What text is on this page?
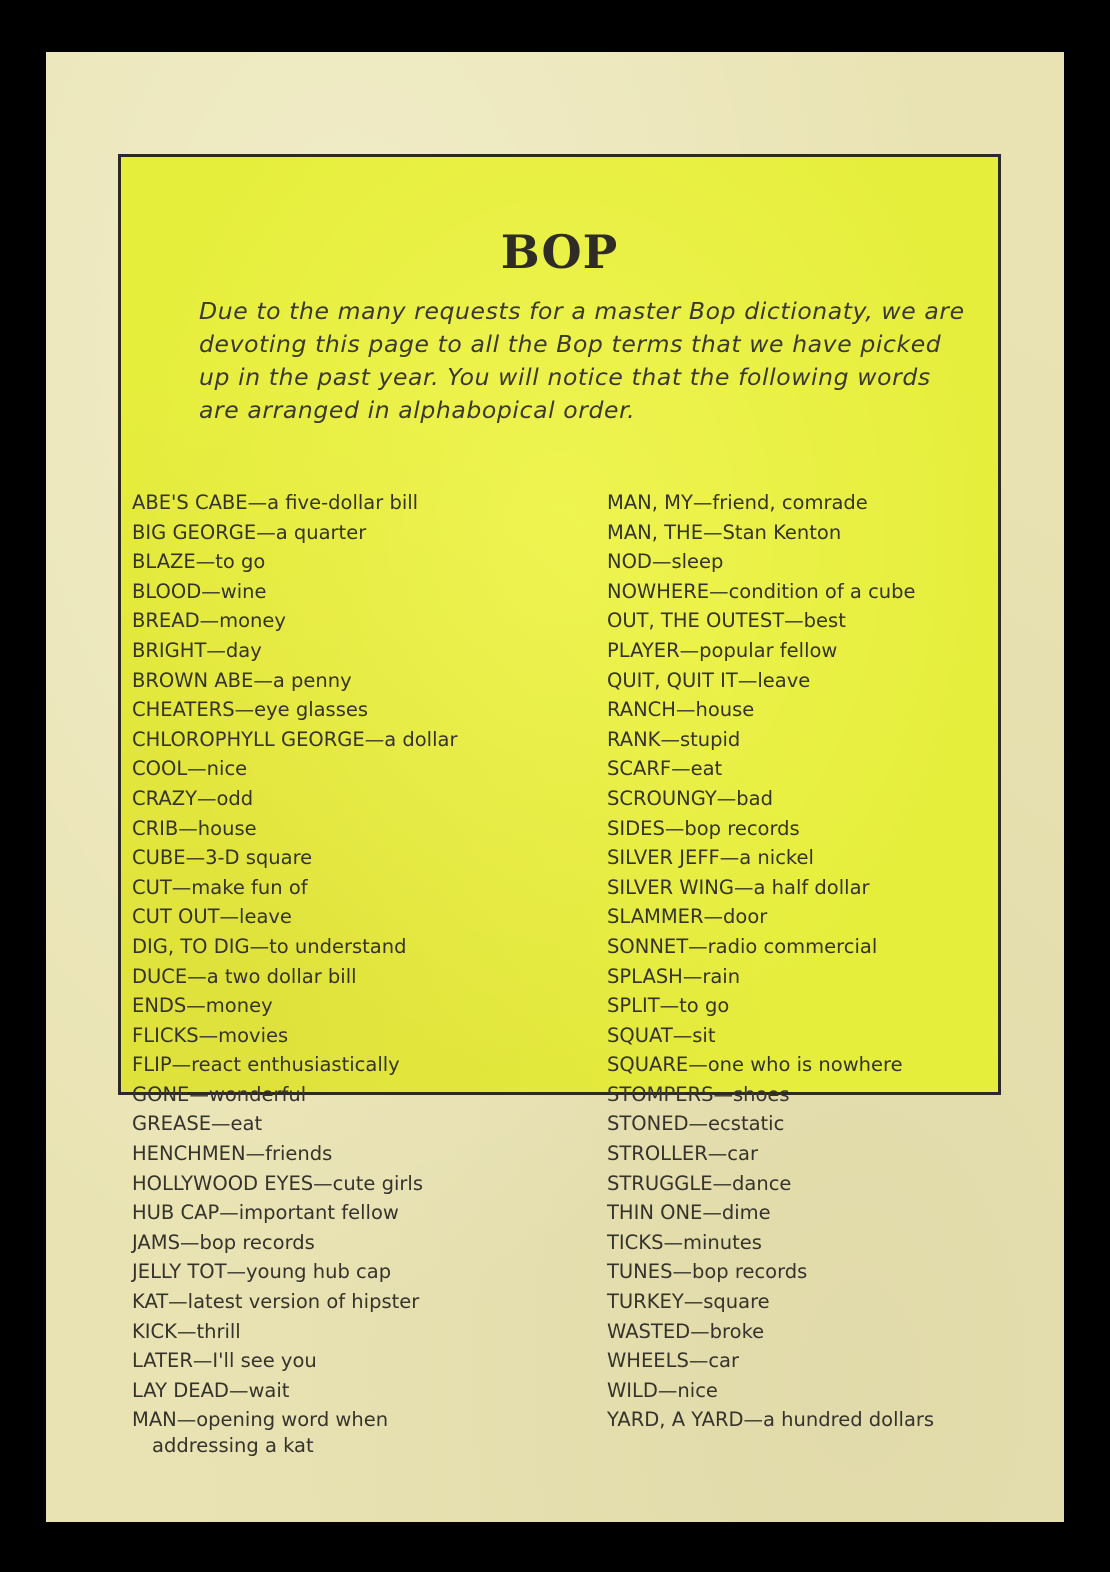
BOP

Due to the many requests for a master Bop dictionaty, we are devoting this page to all the Bop terms that we have picked up in the past year. You will notice that the following words are arranged in alphabopical order.

ABE'S CABE—a five-dollar bill
BIG GEORGE—a quarter
BLAZE—to go
BLOOD—wine
BREAD—money
BRIGHT—day
BROWN ABE—a penny
CHEATERS—eye glasses
CHLOROPHYLL GEORGE—a dollar
COOL—nice
CRAZY—odd
CRIB—house
CUBE—3-D square
CUT—make fun of
CUT OUT—leave
DIG, TO DIG—to understand
DUCE—a two dollar bill
ENDS—money
FLICKS—movies
FLIP—react enthusiastically
GONE—wonderful
GREASE—eat
HENCHMEN—friends
HOLLYWOOD EYES—cute girls
HUB CAP—important fellow
JAMS—bop records
JELLY TOT—young hub cap
KAT—latest version of hipster
KICK—thrill
LATER—I'll see you
LAY DEAD—wait
MAN—opening word when
addressing a kat
MAN, MY—friend, comrade
MAN, THE—Stan Kenton
NOD—sleep
NOWHERE—condition of a cube
OUT, THE OUTEST—best
PLAYER—popular fellow
QUIT, QUIT IT—leave
RANCH—house
RANK—stupid
SCARF—eat
SCROUNGY—bad
SIDES—bop records
SILVER JEFF—a nickel
SILVER WING—a half dollar
SLAMMER—door
SONNET—radio commercial
SPLASH—rain
SPLIT—to go
SQUAT—sit
SQUARE—one who is nowhere
STOMPERS—shoes
STONED—ecstatic
STROLLER—car
STRUGGLE—dance
THIN ONE—dime
TICKS—minutes
TUNES—bop records
TURKEY—square
WASTED—broke
WHEELS—car
WILD—nice
YARD, A YARD—a hundred dollars
